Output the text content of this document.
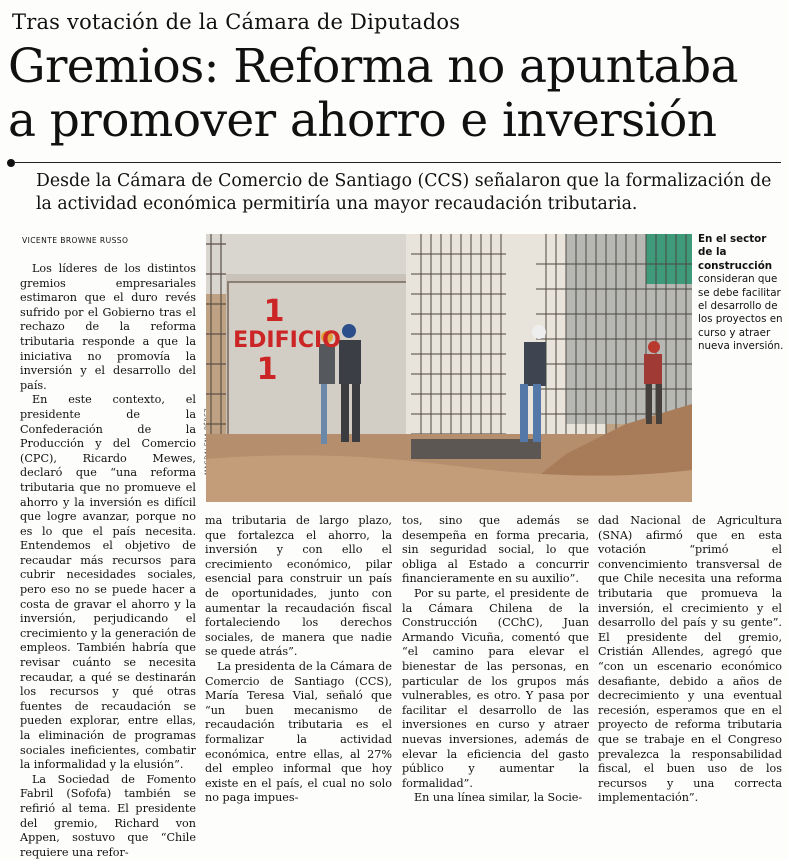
Tras votación de la Cámara de Diputados
Gremios: Reforma no apuntaba
a promover ahorro e inversión
Desde la Cámara de Comercio de Santiago (CCS) señalaron que la formalización de
la actividad económica permitiría una mayor recaudación tributaria.
VICENTE BROWNE RUSSO
1
EDIFICIO
1
En el sector de la construcción consideran que se debe facilitar el desarrollo de los proyectos en curso y atraer nueva inversión.

Los líderes de los distintos gremios empresariales estimaron que el duro revés sufrido por el Gobierno tras el rechazo de la reforma tributaria responde a que la iniciativa no promovía la inversión y el desarrollo del país.

En este contexto, el presidente de la Confederación de la Producción y del Comercio (CPC), Ricardo Mewes, declaró que “una reforma tributaria que no promueve el ahorro y la inversión es difícil que logre avanzar, porque no es lo que el país necesita. Entendemos el objetivo de recaudar más recursos para cubrir necesidades sociales, pero eso no se puede hacer a costa de gravar el ahorro y la inversión, perjudicando el crecimiento y la generación de empleos. También habría que revisar cuánto se necesita recaudar, a qué se destinarán los recursos y qué otras fuentes de recaudación se pueden explorar, entre ellas, la eliminación de programas sociales ineficientes, combatir la informalidad y la elusión”.

La Sociedad de Fomento Fabril (Sofofa) también se refirió al tema. El presidente del gremio, Richard von Appen, sostuvo que “Chile requiere una refor-

ma tributaria de largo plazo, que fortalezca el ahorro, la inversión y con ello el crecimiento económico, pilar esencial para construir un país de oportunidades, junto con aumentar la recaudación fiscal fortaleciendo los derechos sociales, de manera que nadie se quede atrás”.

La presidenta de la Cámara de Comercio de Santiago (CCS), María Teresa Vial, señaló que “un buen mecanismo de recaudación tributaria es el formalizar la actividad económica, entre ellas, al 27% del empleo informal que hoy existe en el país, el cual no solo no paga impues-

tos, sino que además se desempeña en forma precaria, sin seguridad social, lo que obliga al Estado a concurrir financieramente en su auxilio”.

Por su parte, el presidente de la Cámara Chilena de la Construcción (CChC), Juan Armando Vicuña, comentó que “el camino para elevar el bienestar de las personas, en particular de los grupos más vulnerables, es otro. Y pasa por facilitar el desarrollo de las inversiones en curso y atraer nuevas inversiones, además de elevar la eficiencia del gasto público y aumentar la formalidad”.

En una línea similar, la Socie-

dad Nacional de Agricultura (SNA) afirmó que en esta votación “primó el convencimiento transversal de que Chile necesita una reforma tributaria que promueva la inversión, el crecimiento y el desarrollo del país y su gente”. El presidente del gremio, Cristián Allendes, agregó que “con un escenario económico desafiante, debido a años de decrecimiento y una eventual recesión, esperamos que en el proyecto de reforma tributaria que se trabaje en el Congreso prevalezca la responsabilidad fiscal, el buen uso de los recursos y una correcta implementación”.
